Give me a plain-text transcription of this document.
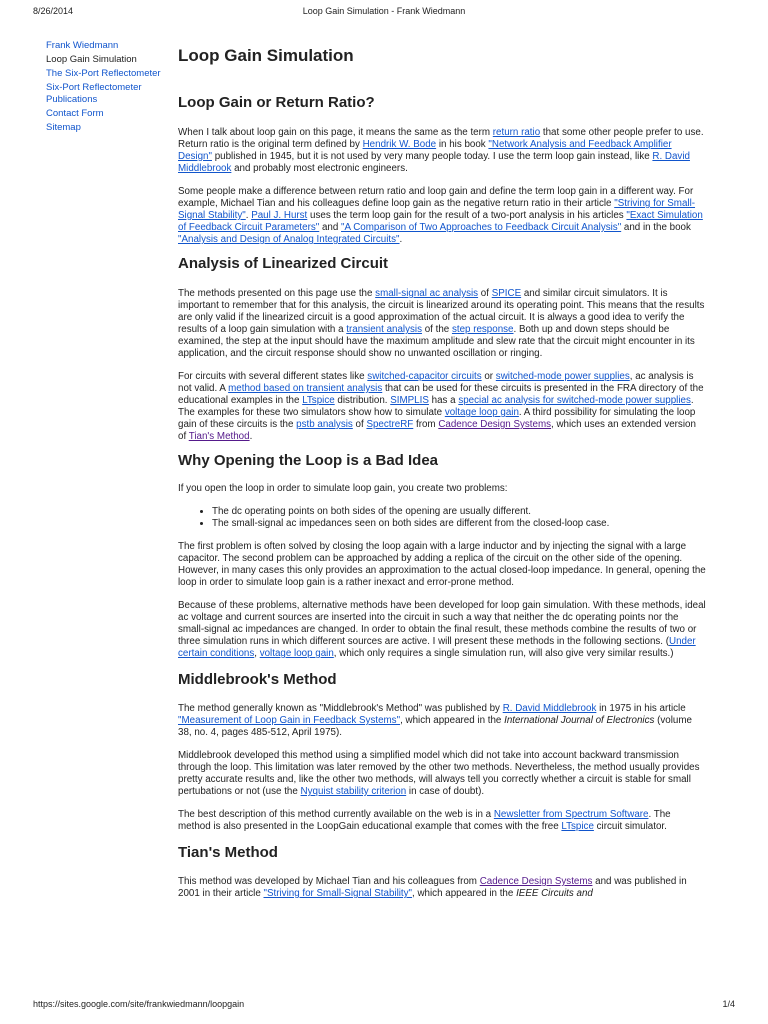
8/26/2014	Loop Gain Simulation - Frank Wiedmann
Frank Wiedmann
Loop Gain Simulation
The Six-Port Reflectometer
Six-Port Reflectometer Publications
Contact Form
Sitemap
Loop Gain Simulation
Loop Gain or Return Ratio?

When I talk about loop gain on this page, it means the same as the term return ratio that some other people prefer to use. Return ratio is the original term defined by Hendrik W. Bode in his book "Network Analysis and Feedback Amplifier Design" published in 1945, but it is not used by very many people today. I use the term loop gain instead, like R. David Middlebrook and probably most electronic engineers.

Some people make a difference between return ratio and loop gain and define the term loop gain in a different way. For example, Michael Tian and his colleagues define loop gain as the negative return ratio in their article "Striving for Small-Signal Stability". Paul J. Hurst uses the term loop gain for the result of a two-port analysis in his articles "Exact Simulation of Feedback Circuit Parameters" and "A Comparison of Two Approaches to Feedback Circuit Analysis" and in the book "Analysis and Design of Analog Integrated Circuits".

Analysis of Linearized Circuit

The methods presented on this page use the small-signal ac analysis of SPICE and similar circuit simulators. It is important to remember that for this analysis, the circuit is linearized around its operating point. This means that the results are only valid if the linearized circuit is a good approximation of the actual circuit. It is always a good idea to verify the results of a loop gain simulation with a transient analysis of the step response. Both up and down steps should be examined, the step at the input should have the maximum amplitude and slew rate that the circuit might encounter in its application, and the circuit response should show no unwanted oscillation or ringing.

For circuits with several different states like switched-capacitor circuits or switched-mode power supplies, ac analysis is not valid. A method based on transient analysis that can be used for these circuits is presented in the FRA directory of the educational examples in the LTspice distribution. SIMPLIS has a special ac analysis for switched-mode power supplies. The examples for these two simulators show how to simulate voltage loop gain. A third possibility for simulating the loop gain of these circuits is the pstb analysis of SpectreRF from Cadence Design Systems, which uses an extended version of Tian's Method.

Why Opening the Loop is a Bad Idea

If you open the loop in order to simulate loop gain, you create two problems:

• The dc operating points on both sides of the opening are usually different.
• The small-signal ac impedances seen on both sides are different from the closed-loop case.

The first problem is often solved by closing the loop again with a large inductor and by injecting the signal with a large capacitor. The second problem can be approached by adding a replica of the circuit on the other side of the opening. However, in many cases this only provides an approximation to the actual closed-loop impedance. In general, opening the loop in order to simulate loop gain is a rather inexact and error-prone method.

Because of these problems, alternative methods have been developed for loop gain simulation. With these methods, ideal ac voltage and current sources are inserted into the circuit in such a way that neither the dc operating points nor the small-signal ac impedances are changed. In order to obtain the final result, these methods combine the results of two or three simulation runs in which different sources are active. I will present these methods in the following sections. (Under certain conditions, voltage loop gain, which only requires a single simulation run, will also give very similar results.)

Middlebrook's Method

The method generally known as "Middlebrook's Method" was published by R. David Middlebrook in 1975 in his article "Measurement of Loop Gain in Feedback Systems", which appeared in the International Journal of Electronics (volume 38, no. 4, pages 485-512, April 1975).

Middlebrook developed this method using a simplified model which did not take into account backward transmission through the loop. This limitation was later removed by the other two methods. Nevertheless, the method usually provides pretty accurate results and, like the other two methods, will always tell you correctly whether a circuit is stable for small pertubations or not (use the Nyquist stability criterion in case of doubt).

The best description of this method currently available on the web is in a Newsletter from Spectrum Software. The method is also presented in the LoopGain educational example that comes with the free LTspice circuit simulator.

Tian's Method

This method was developed by Michael Tian and his colleagues from Cadence Design Systems and was published in 2001 in their article "Striving for Small-Signal Stability", which appeared in the IEEE Circuits and

https://sites.google.com/site/frankwiedmann/loopgain	1/4
